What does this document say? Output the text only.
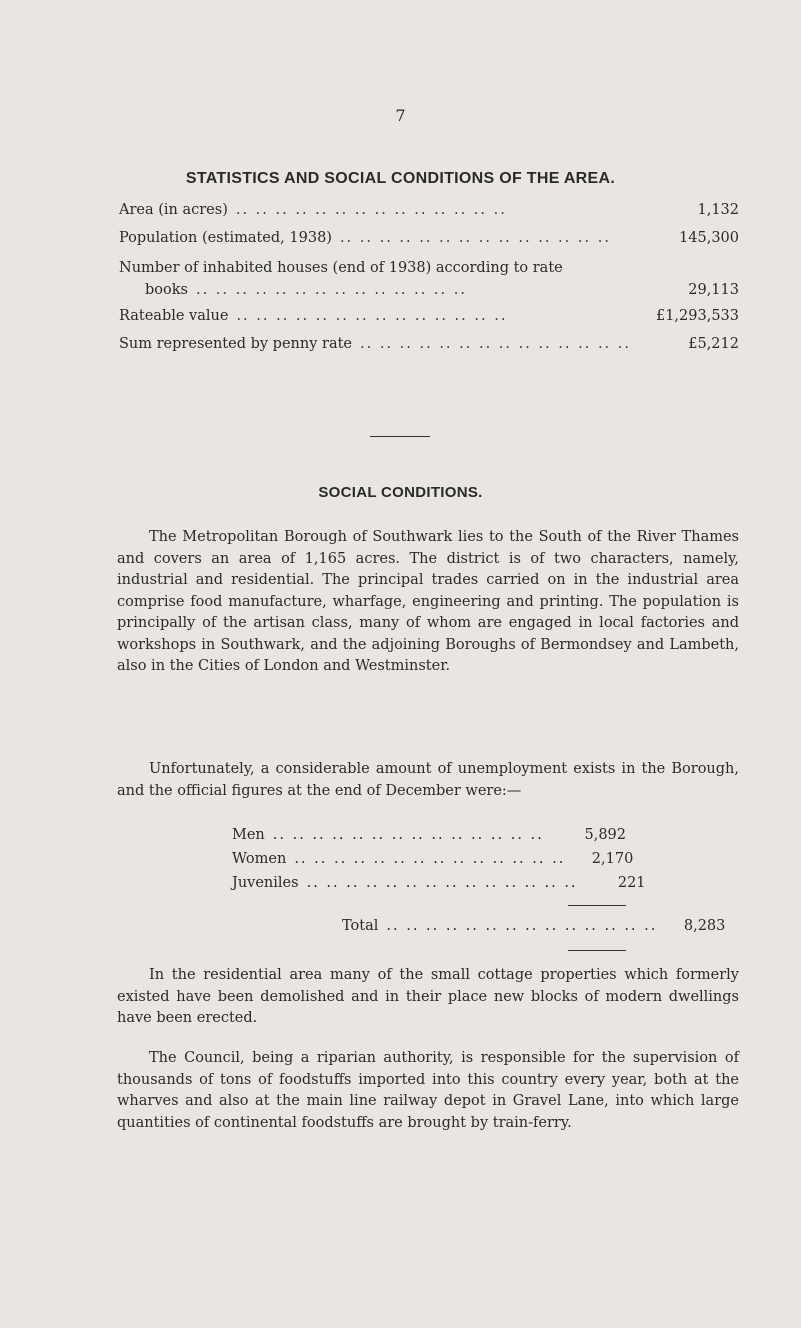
7
STATISTICS AND SOCIAL CONDITIONS OF THE AREA.
Area (in acres) .. .. .. .. .. .. .. .. .. .. .. .. .. ..	1,132
Population (estimated, 1938) .. .. .. .. .. .. .. .. .. .. .. .. .. ..	145,300
Number of inhabited houses (end of 1938) according to rate
books .. .. .. .. .. .. .. .. .. .. .. .. .. ..	29,113
Rateable value .. .. .. .. .. .. .. .. .. .. .. .. .. ..	£1,293,533
Sum represented by penny rate .. .. .. .. .. .. .. .. .. .. .. .. .. ..	£5,212
SOCIAL CONDITIONS.
The Metropolitan Borough of Southwark lies to the South of the River Thames and covers an area of 1,165 acres. The district is of two characters, namely, industrial and residential. The principal trades carried on in the industrial area comprise food manufacture, wharfage, engineering and printing. The population is principally of the artisan class, many of whom are engaged in local factories and workshops in Southwark, and the adjoining Boroughs of Bermondsey and Lambeth, also in the Cities of London and Westminster.
Unfortunately, a considerable amount of unemployment exists in the Borough, and the official figures at the end of December were:—
Men .. .. .. .. .. .. .. .. .. .. .. .. .. ..	5,892
Women .. .. .. .. .. .. .. .. .. .. .. .. .. ..	2,170
Juveniles .. .. .. .. .. .. .. .. .. .. .. .. .. ..	221
Total .. .. .. .. .. .. .. .. .. .. .. .. .. ..	8,283
In the residential area many of the small cottage properties which formerly existed have been demolished and in their place new blocks of modern dwellings have been erected.
The Council, being a riparian authority, is responsible for the supervision of thousands of tons of foodstuffs imported into this country every year, both at the wharves and also at the main line railway depot in Gravel Lane, into which large quantities of continental foodstuffs are brought by train-ferry.
